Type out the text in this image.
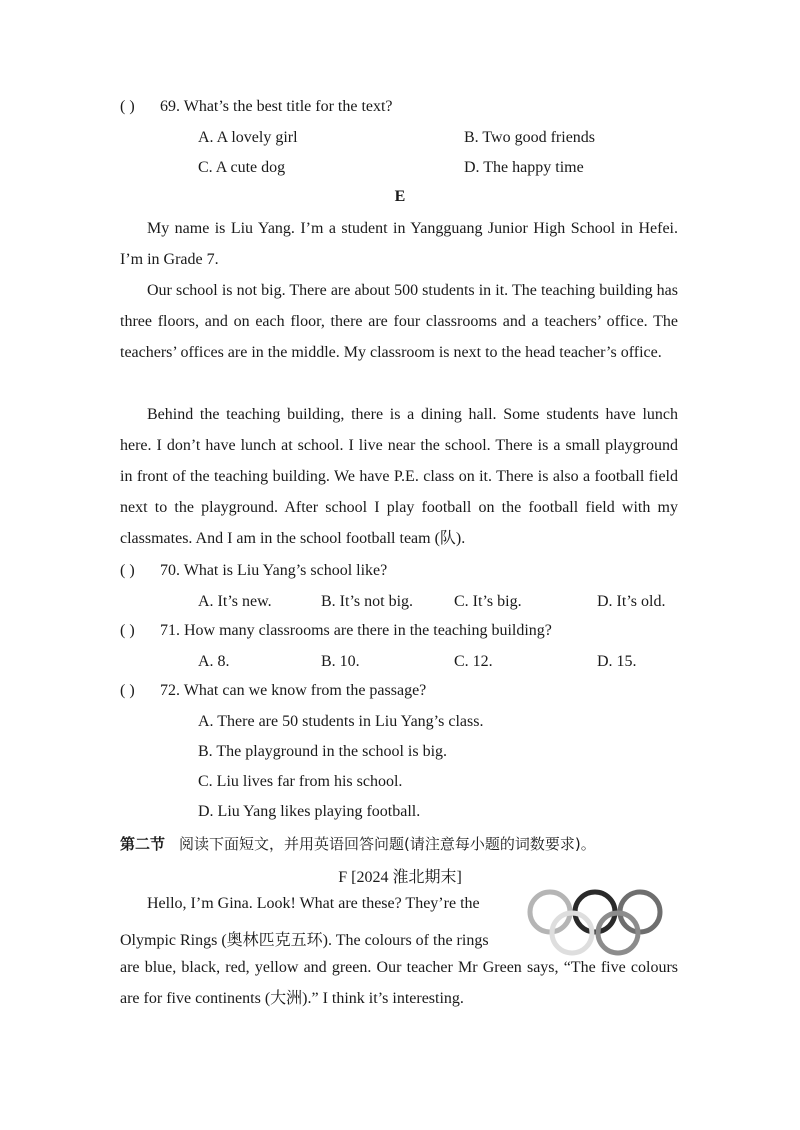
( ) 69. What’s the best title for the text?
A. A lovely girl	B. Two good friends
C. A cute dog	D. The happy time
E
My name is Liu Yang. I’m a student in Yangguang Junior High School in Hefei. I’m in Grade 7.
Our school is not big. There are about 500 students in it. The teaching building has three floors, and on each floor, there are four classrooms and a teachers’ office. The teachers’ offices are in the middle. My classroom is next to the head teacher’s office.
Behind the teaching building, there is a dining hall. Some students have lunch here. I don’t have lunch at school. I live near the school. There is a small playground in front of the teaching building. We have P.E. class on it. There is also a football field next to the playground. After school I play football on the football field with my classmates. And I am in the school football team (队).
( ) 70. What is Liu Yang’s school like?
A. It’s new.	B. It’s not big.	C. It’s big.	D. It’s old.
( ) 71. How many classrooms are there in the teaching building?
A. 8.	B. 10.	C. 12.	D. 15.
( ) 72. What can we know from the passage?
A. There are 50 students in Liu Yang’s class.
B. The playground in the school is big.
C. Liu lives far from his school.
D. Liu Yang likes playing football.
第二节 阅读下面短文，并用英语回答问题(请注意每小题的词数要求)。
F [2024 淮北期末]
Hello, I’m Gina. Look! What are these? They’re the
Olympic Rings (奥林匹克五环). The colours of the rings
are blue, black, red, yellow and green. Our teacher Mr Green says, “The five colours are for five continents (大洲).” I think it’s interesting.
